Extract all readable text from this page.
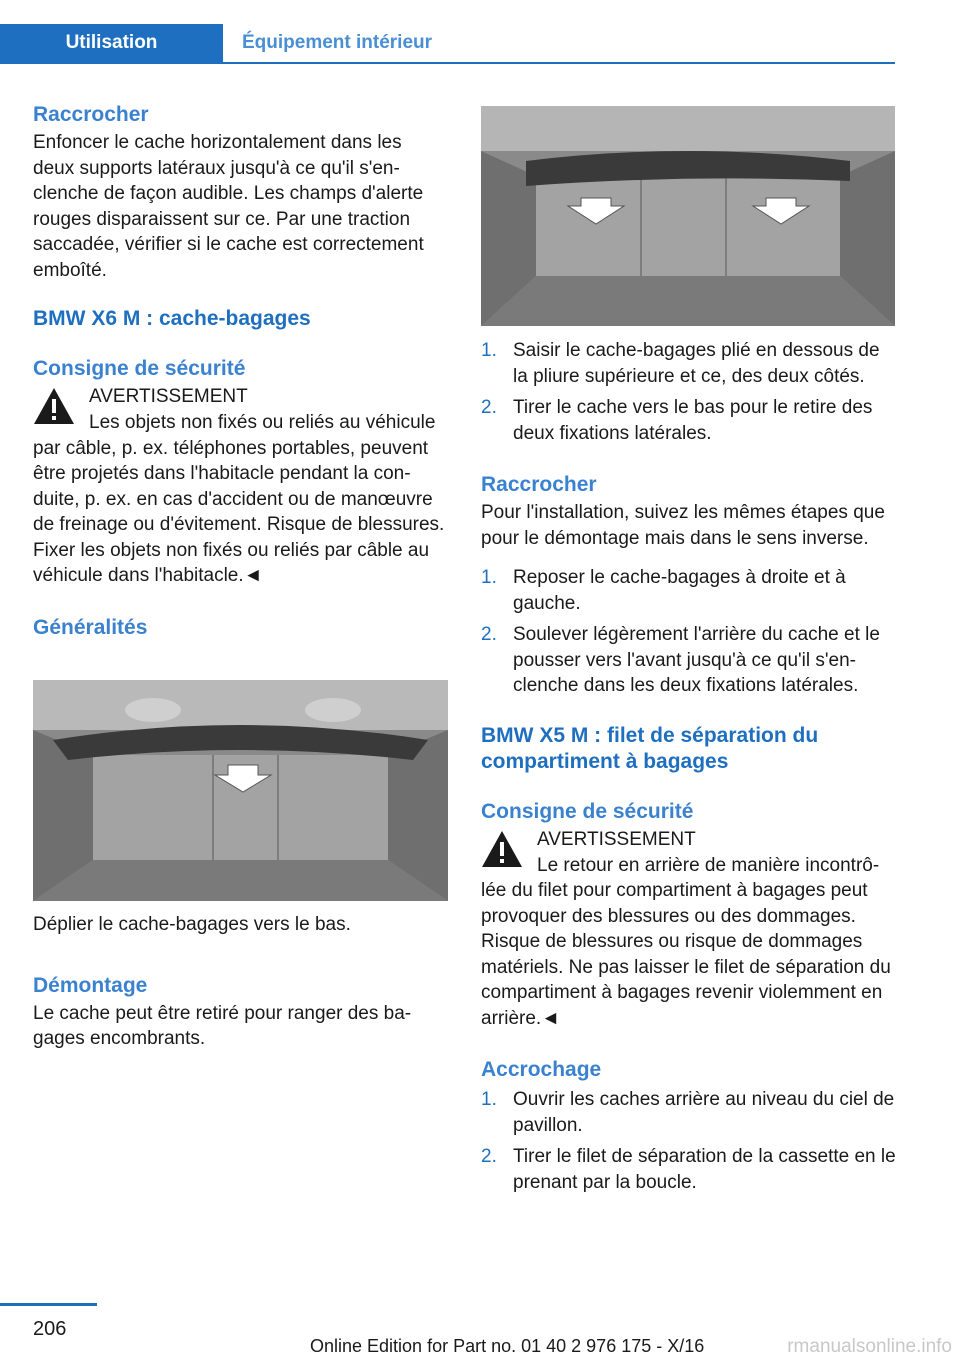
Utilisation	Équipement intérieur
Raccrocher

Enfoncer le cache horizontalement dans les deux supports latéraux jusqu'à ce qu'il s'enclenche de façon audible. Les champs d'alerte rouges disparaissent sur ce. Par une traction saccadée, vérifier si le cache est correctement emboîté.

BMW X6 M : cache-bagages
Consigne de sécurité
AVERTISSEMENT

Les objets non fixés ou reliés au véhicule par câble, p. ex. téléphones portables, peuvent être projetés dans l'habitacle pendant la conduite, p. ex. en cas d'accident ou de manœuvre de freinage ou d'évitement. Risque de blessures. Fixer les objets non fixés ou reliés par câble au véhicule dans l'habitacle.◄

Généralités

Déplier le cache-bagages vers le bas.

Démontage

Le cache peut être retiré pour ranger des bagages encombrants.

1. Saisir le cache-bagages plié en dessous de la pliure supérieure et ce, des deux côtés.
2. Tirer le cache vers le bas pour le retire des deux fixations latérales.
Raccrocher

Pour l'installation, suivez les mêmes étapes que pour le démontage mais dans le sens inverse.

1. Reposer le cache-bagages à droite et à gauche.
2. Soulever légèrement l'arrière du cache et le pousser vers l'avant jusqu'à ce qu'il s'enclenche dans les deux fixations latérales.
BMW X5 M : filet de séparation du compartiment à bagages
Consigne de sécurité
AVERTISSEMENT

Le retour en arrière de manière incontrôlée du filet pour compartiment à bagages peut provoquer des blessures ou des dommages. Risque de blessures ou risque de dommages matériels. Ne pas laisser le filet de séparation du compartiment à bagages revenir violemment en arrière.◄

Accrochage
1. Ouvrir les caches arrière au niveau du ciel de pavillon.
2. Tirer le filet de séparation de la cassette en le prenant par la boucle.
206
Online Edition for Part no. 01 40 2 976 175 - X/16	rmanualsonline.info
